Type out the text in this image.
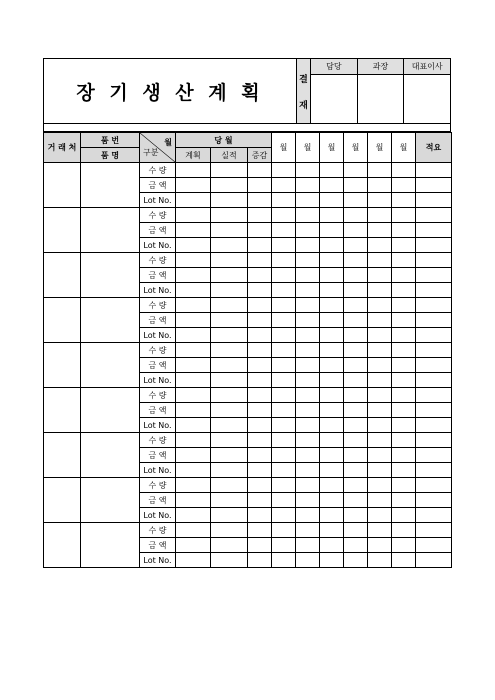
장 기 생 산 계 획
결
재
담당	과장	대표이사
거 래 처	품 번	월
구분	당 월			월	월	월	월	월	월	적요
	품 명		계획	실적	증감							
		수 량										
		금 액										
		Lot No.										
		수 량										
		금 액										
		Lot No.										
		수 량										
		금 액										
		Lot No.										
		수 량										
		금 액										
		Lot No.										
		수 량										
		금 액										
		Lot No.										
		수 량										
		금 액										
		Lot No.										
		수 량										
		금 액										
		Lot No.										
		수 량										
		금 액										
		Lot No.										
		수 량										
		금 액										
		Lot No.										
